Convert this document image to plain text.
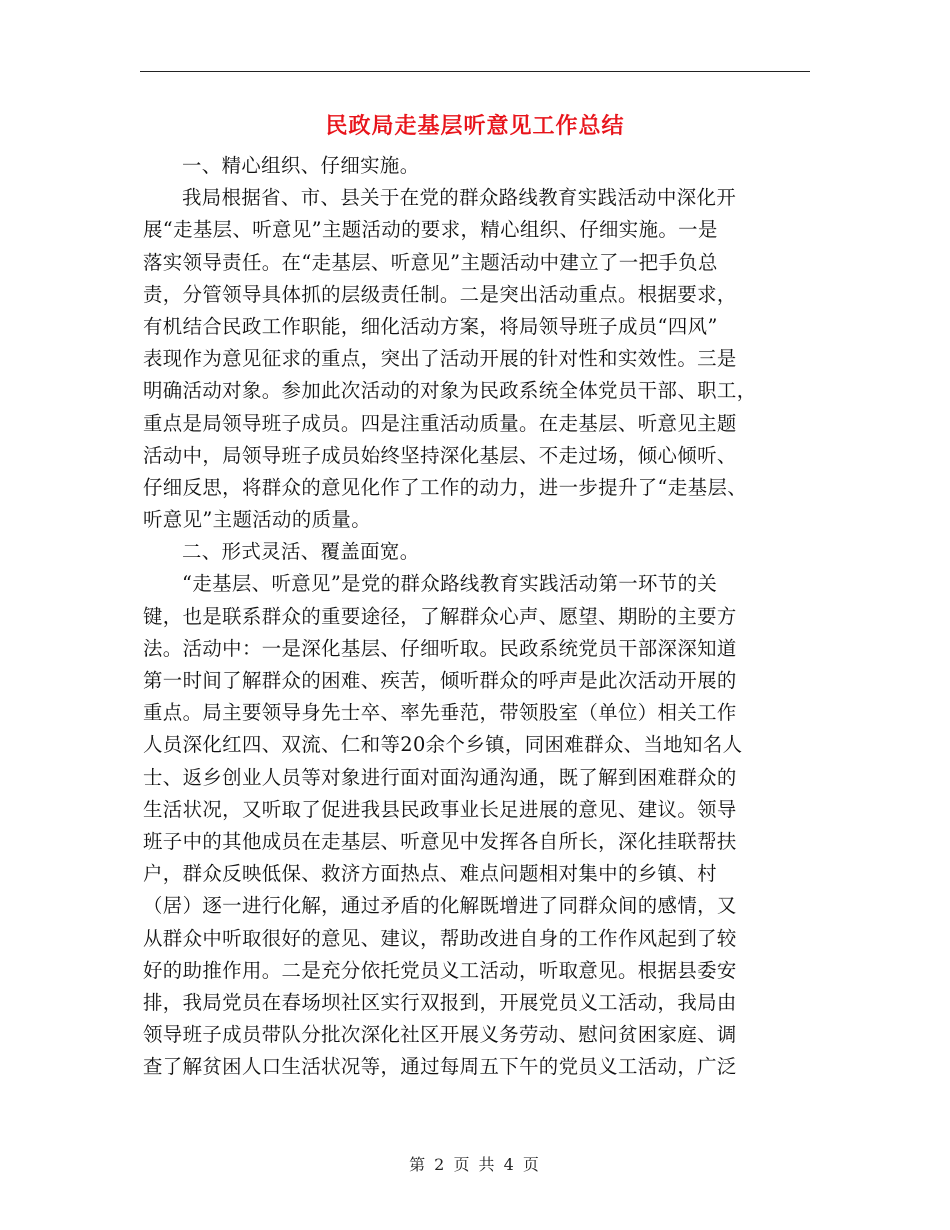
民政局走基层听意见工作总结
一、精心组织、仔细实施。
我局根据省、市、县关于在党的群众路线教育实践活动中深化开
展“走基层、听意见”主题活动的要求，精心组织、仔细实施。一是
落实领导责任。在“走基层、听意见”主题活动中建立了一把手负总
责，分管领导具体抓的层级责任制。二是突出活动重点。根据要求，
有机结合民政工作职能，细化活动方案，将局领导班子成员“四风”
表现作为意见征求的重点，突出了活动开展的针对性和实效性。三是
明确活动对象。参加此次活动的对象为民政系统全体党员干部、职工，
重点是局领导班子成员。四是注重活动质量。在走基层、听意见主题
活动中，局领导班子成员始终坚持深化基层、不走过场，倾心倾听、
仔细反思，将群众的意见化作了工作的动力，进一步提升了“走基层、
听意见”主题活动的质量。
二、形式灵活、覆盖面宽。
“走基层、听意见”是党的群众路线教育实践活动第一环节的关
键，也是联系群众的重要途径，了解群众心声、愿望、期盼的主要方
法。活动中：一是深化基层、仔细听取。民政系统党员干部深深知道
第一时间了解群众的困难、疾苦，倾听群众的呼声是此次活动开展的
重点。局主要领导身先士卒、率先垂范，带领股室（单位）相关工作
人员深化红四、双流、仁和等20余个乡镇，同困难群众、当地知名人
士、返乡创业人员等对象进行面对面沟通沟通，既了解到困难群众的
生活状况，又听取了促进我县民政事业长足进展的意见、建议。领导
班子中的其他成员在走基层、听意见中发挥各自所长，深化挂联帮扶
户，群众反映低保、救济方面热点、难点问题相对集中的乡镇、村
（居）逐一进行化解，通过矛盾的化解既增进了同群众间的感情，又
从群众中听取很好的意见、建议，帮助改进自身的工作作风起到了较
好的助推作用。二是充分依托党员义工活动，听取意见。根据县委安
排，我局党员在春场坝社区实行双报到，开展党员义工活动，我局由
领导班子成员带队分批次深化社区开展义务劳动、慰问贫困家庭、调
查了解贫困人口生活状况等，通过每周五下午的党员义工活动，广泛
第 2 页 共 4 页
